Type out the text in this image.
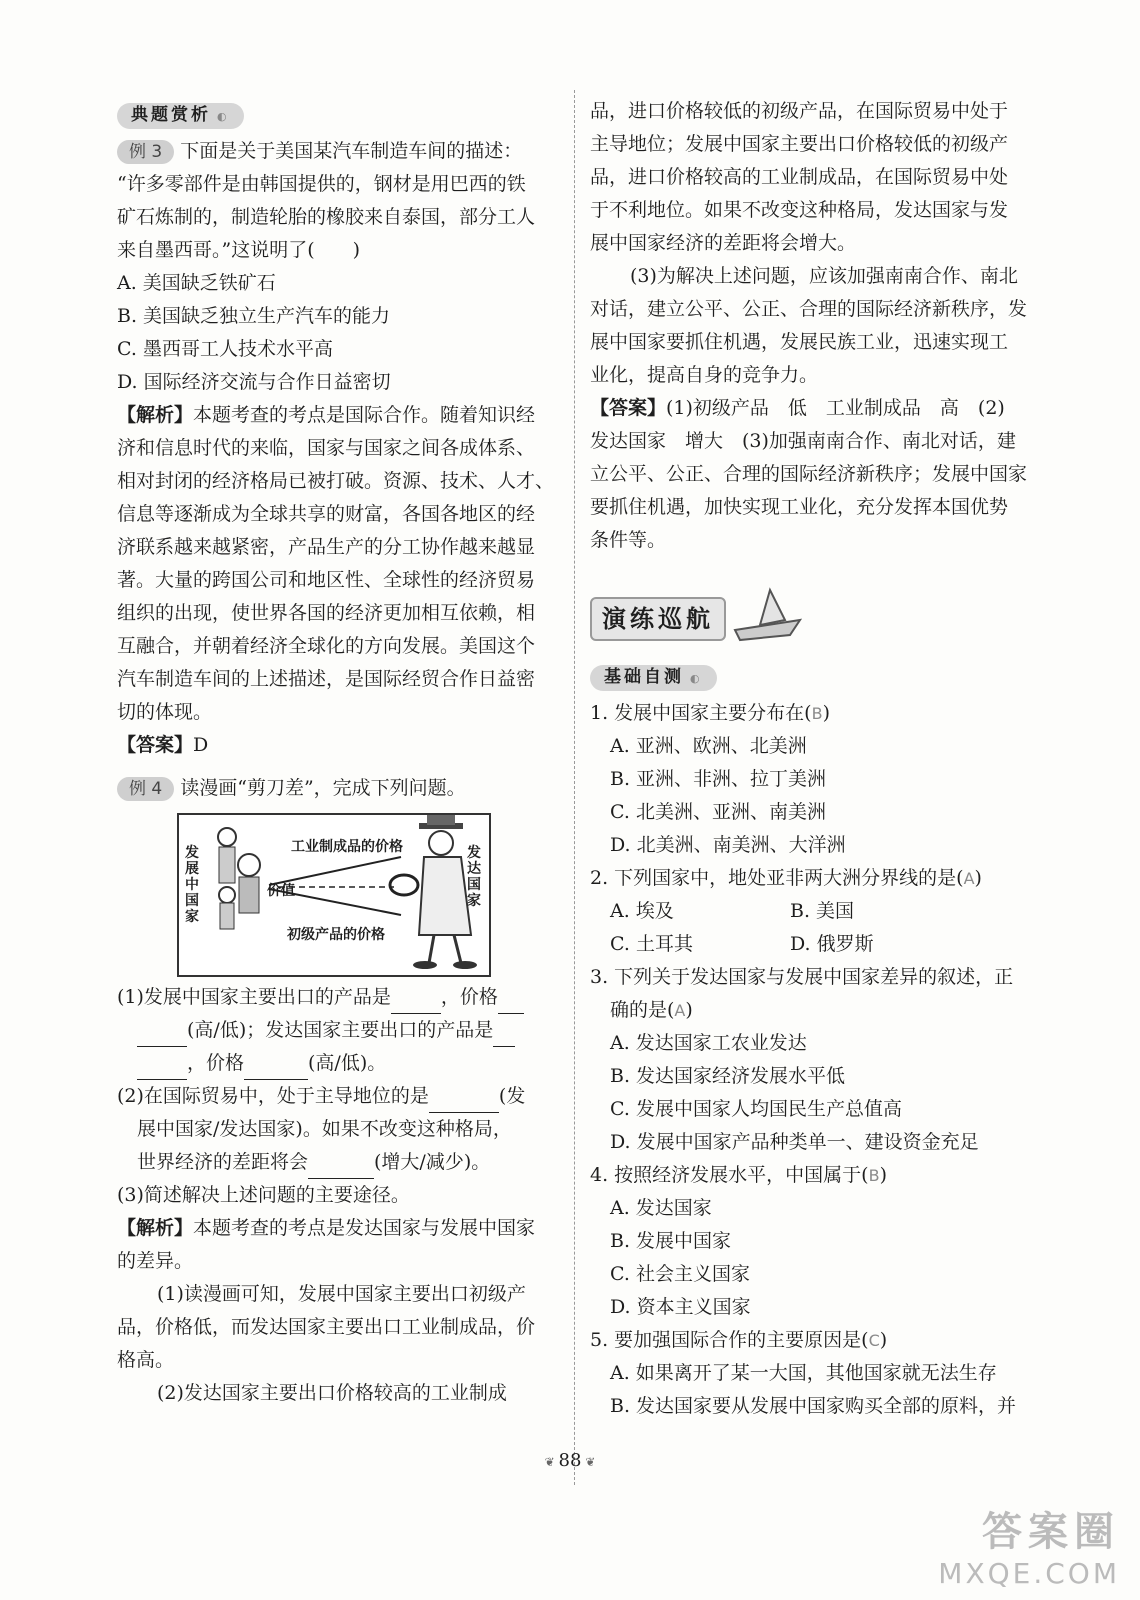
典题赏析 ◐
例 3 下面是关于美国某汽车制造车间的描述：
“许多零部件是由韩国提供的，钢材是用巴西的铁
矿石炼制的，制造轮胎的橡胶来自泰国，部分工人
来自墨西哥。”这说明了(　　)
A. 美国缺乏铁矿石
B. 美国缺乏独立生产汽车的能力
C. 墨西哥工人技术水平高
D. 国际经济交流与合作日益密切
【解析】本题考查的考点是国际合作。随着知识经
济和信息时代的来临，国家与国家之间各成体系、
相对封闭的经济格局已被打破。资源、技术、人才、
信息等逐渐成为全球共享的财富，各国各地区的经
济联系越来越紧密，产品生产的分工协作越来越显
著。大量的跨国公司和地区性、全球性的经济贸易
组织的出现，使世界各国的经济更加相互依赖，相
互融合，并朝着经济全球化的方向发展。美国这个
汽车制造车间的上述描述，是国际经贸合作日益密
切的体现。
【答案】D
例 4 读漫画“剪刀差”，完成下列问题。
工业制成品的价格
价值
初级产品的价格
发展中国家
发达国家
(1)发展中国家主要出口的产品是	，价格
(高/低)；发达国家主要出口的产品是
，价格	(高/低)。
(2)在国际贸易中，处于主导地位的是	(发
展中国家/发达国家)。如果不改变这种格局，
世界经济的差距将会	(增大/减少)。
(3)简述解决上述问题的主要途径。
【解析】本题考查的考点是发达国家与发展中国家
的差异。
(1)读漫画可知，发展中国家主要出口初级产
品，价格低，而发达国家主要出口工业制成品，价
格高。
(2)发达国家主要出口价格较高的工业制成
品，进口价格较低的初级产品，在国际贸易中处于
主导地位；发展中国家主要出口价格较低的初级产
品，进口价格较高的工业制成品，在国际贸易中处
于不利地位。如果不改变这种格局，发达国家与发
展中国家经济的差距将会增大。
(3)为解决上述问题，应该加强南南合作、南北
对话，建立公平、公正、合理的国际经济新秩序，发
展中国家要抓住机遇，发展民族工业，迅速实现工
业化，提高自身的竞争力。
【答案】(1)初级产品　低　工业制成品　高　(2)
发达国家　增大　(3)加强南南合作、南北对话，建
立公平、公正、合理的国际经济新秩序；发展中国家
要抓住机遇，加快实现工业化，充分发挥本国优势
条件等。
演练巡航
基础自测 ◐
1. 发展中国家主要分布在(B)
A. 亚洲、欧洲、北美洲
B. 亚洲、非洲、拉丁美洲
C. 北美洲、亚洲、南美洲
D. 北美洲、南美洲、大洋洲
2. 下列国家中，地处亚非两大洲分界线的是(A)
A. 埃及	B. 美国
C. 土耳其	D. 俄罗斯
3. 下列关于发达国家与发展中国家差异的叙述，正
确的是(A)
A. 发达国家工农业发达
B. 发达国家经济发展水平低
C. 发展中国家人均国民生产总值高
D. 发展中国家产品种类单一、建设资金充足
4. 按照经济发展水平，中国属于(B)
A. 发达国家
B. 发展中国家
C. 社会主义国家
D. 资本主义国家
5. 要加强国际合作的主要原因是(C)
A. 如果离开了某一大国，其他国家就无法生存
B. 发达国家要从发展中国家购买全部的原料，并
❦ 88 ❦
答案圈
MXQE.COM
